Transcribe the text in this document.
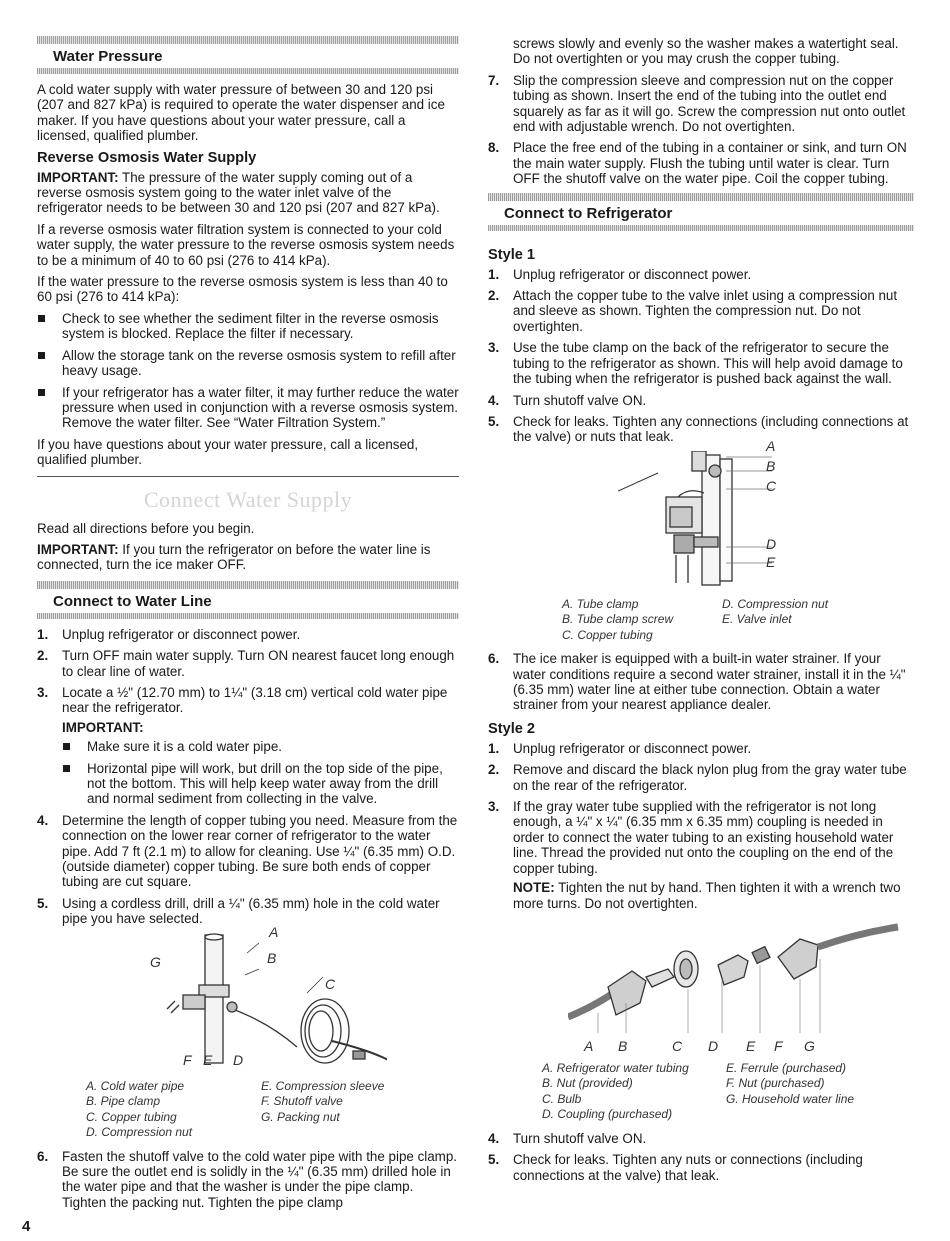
Water Pressure

A cold water supply with water pressure of between 30 and 120 psi (207 and 827 kPa) is required to operate the water dispenser and ice maker. If you have questions about your water pressure, call a licensed, qualified plumber.

Reverse Osmosis Water Supply

IMPORTANT: The pressure of the water supply coming out of a reverse osmosis system going to the water inlet valve of the refrigerator needs to be between 30 and 120 psi (207 and 827 kPa).

If a reverse osmosis water filtration system is connected to your cold water supply, the water pressure to the reverse osmosis system needs to be a minimum of 40 to 60 psi (276 to 414 kPa).

If the water pressure to the reverse osmosis system is less than 40 to 60 psi (276 to 414 kPa):

Check to see whether the sediment filter in the reverse osmosis system is blocked. Replace the filter if necessary.
Allow the storage tank on the reverse osmosis system to refill after heavy usage.
If your refrigerator has a water filter, it may further reduce the water pressure when used in conjunction with a reverse osmosis system. Remove the water filter. See “Water Filtration System.”

If you have questions about your water pressure, call a licensed, qualified plumber.

Connect Water Supply

Read all directions before you begin.

IMPORTANT: If you turn the refrigerator on before the water line is connected, turn the ice maker OFF.

Connect to Water Line
1. Unplug refrigerator or disconnect power.
2. Turn OFF main water supply. Turn ON nearest faucet long enough to clear line of water.
3. Locate a ½" (12.70 mm) to 1¼" (3.18 cm) vertical cold water pipe near the refrigerator.
IMPORTANT:
Make sure it is a cold water pipe.
Horizontal pipe will work, but drill on the top side of the pipe, not the bottom. This will help keep water away from the drill and normal sediment from collecting in the valve.
4. Determine the length of copper tubing you need. Measure from the connection on the lower rear corner of refrigerator to the water pipe. Add 7 ft (2.1 m) to allow for cleaning. Use ¼" (6.35 mm) O.D. (outside diameter) copper tubing. Be sure both ends of copper tubing are cut square.
5. Using a cordless drill, drill a ¼" (6.35 mm) hole in the cold water pipe you have selected.
A
B
C
G
F E D
A. Cold water pipe	E. Compression sleeve
B. Pipe clamp	F. Shutoff valve
C. Copper tubing	G. Packing nut
D. Compression nut
6. Fasten the shutoff valve to the cold water pipe with the pipe clamp. Be sure the outlet end is solidly in the ¼" (6.35 mm) drilled hole in the water pipe and that the washer is under the pipe clamp. Tighten the packing nut. Tighten the pipe clamp
4

screws slowly and evenly so the washer makes a watertight seal. Do not overtighten or you may crush the copper tubing.

7. Slip the compression sleeve and compression nut on the copper tubing as shown. Insert the end of the tubing into the outlet end squarely as far as it will go. Screw the compression nut onto outlet end with adjustable wrench. Do not overtighten.
8. Place the free end of the tubing in a container or sink, and turn ON the main water supply. Flush the tubing until water is clear. Turn OFF the shutoff valve on the water pipe. Coil the copper tubing.
Connect to Refrigerator
Style 1
1. Unplug refrigerator or disconnect power.
2. Attach the copper tube to the valve inlet using a compression nut and sleeve as shown. Tighten the compression nut. Do not overtighten.
3. Use the tube clamp on the back of the refrigerator to secure the tubing to the refrigerator as shown. This will help avoid damage to the tubing when the refrigerator is pushed back against the wall.
4. Turn shutoff valve ON.
5. Check for leaks. Tighten any connections (including connections at the valve) or nuts that leak.
A
B
C
D
E
A. Tube clamp	D. Compression nut
B. Tube clamp screw	E. Valve inlet
C. Copper tubing
6. The ice maker is equipped with a built-in water strainer. If your water conditions require a second water strainer, install it in the ¼" (6.35 mm) water line at either tube connection. Obtain a water strainer from your nearest appliance dealer.
Style 2
1. Unplug refrigerator or disconnect power.
2. Remove and discard the black nylon plug from the gray water tube on the rear of the refrigerator.
3. If the gray water tube supplied with the refrigerator is not long enough, a ¼" x ¼" (6.35 mm x 6.35 mm) coupling is needed in order to connect the water tubing to an existing household water line. Thread the provided nut onto the coupling on the end of the copper tubing.

NOTE: Tighten the nut by hand. Then tighten it with a wrench two more turns. Do not overtighten.

A B	C D E F G
A. Refrigerator water tubing	E. Ferrule (purchased)
B. Nut (provided)	F. Nut (purchased)
C. Bulb	G. Household water line
D. Coupling (purchased)
4. Turn shutoff valve ON.
5. Check for leaks. Tighten any nuts or connections (including connections at the valve) that leak.
